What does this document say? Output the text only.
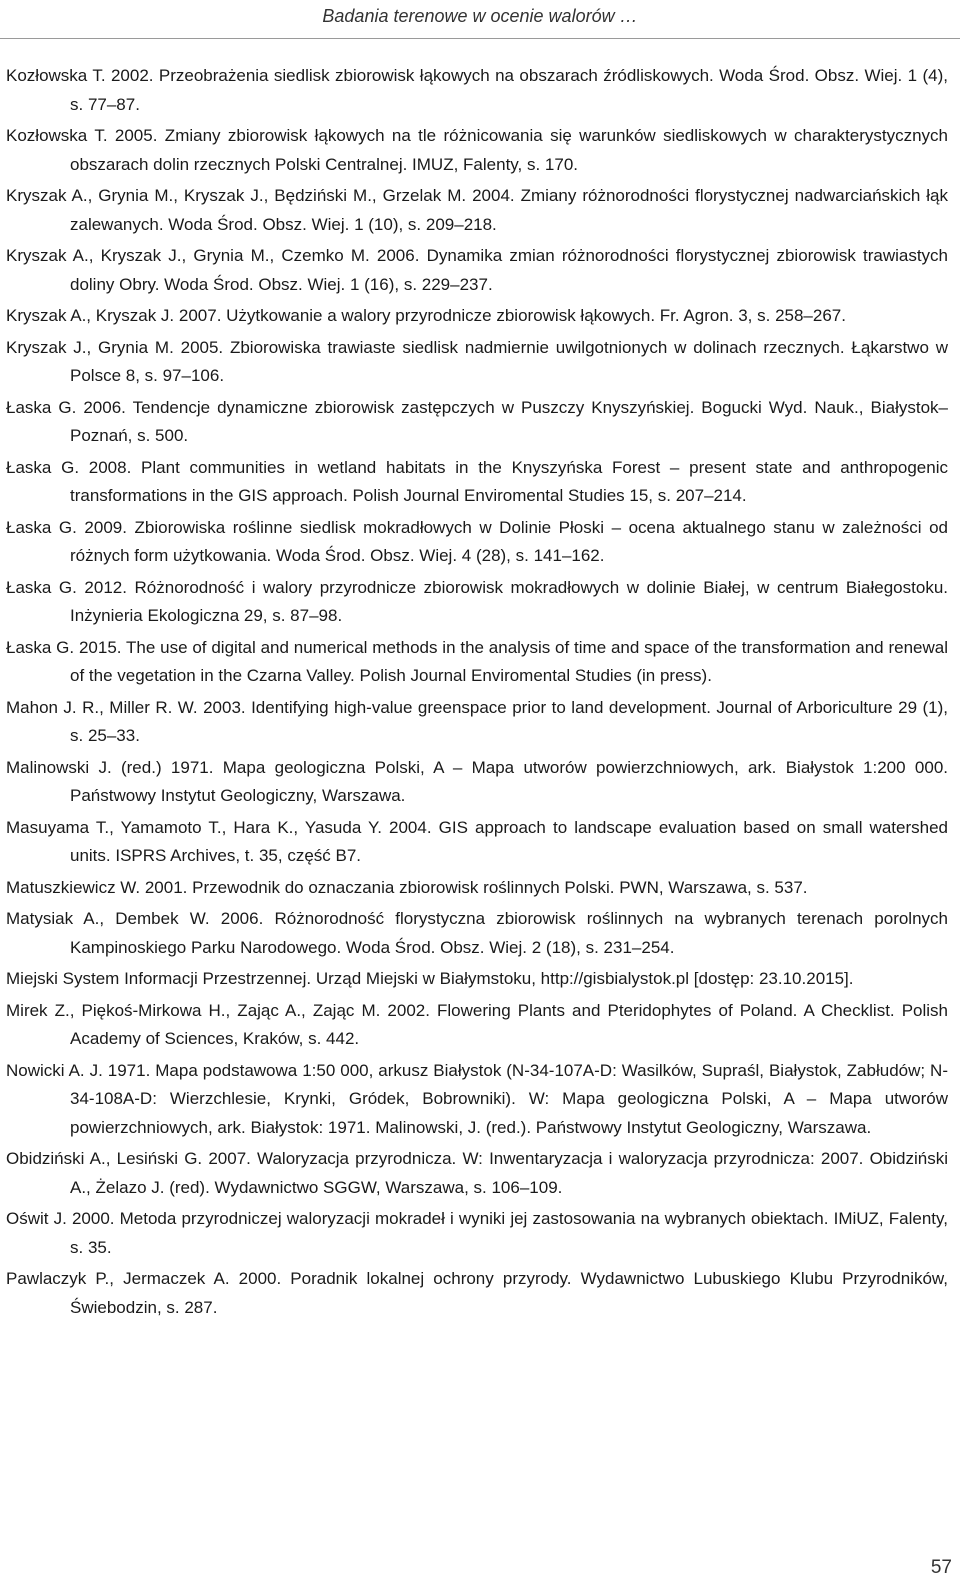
Badania terenowe w ocenie walorów …
Kozłowska T. 2002. Przeobrażenia siedlisk zbiorowisk łąkowych na obszarach źródliskowych. Woda Środ. Obsz. Wiej. 1 (4), s. 77–87.
Kozłowska T. 2005. Zmiany zbiorowisk łąkowych na tle różnicowania się warunków siedliskowych w charakterystycznych obszarach dolin rzecznych Polski Centralnej. IMUZ, Falenty, s. 170.
Kryszak A., Grynia M., Kryszak J., Będziński M., Grzelak M. 2004. Zmiany różnorodności florystycznej nadwarciańskich łąk zalewanych. Woda Środ. Obsz. Wiej. 1 (10), s. 209–218.
Kryszak A., Kryszak J., Grynia M., Czemko M. 2006. Dynamika zmian różnorodności florystycznej zbiorowisk trawiastych doliny Obry. Woda Środ. Obsz. Wiej. 1 (16), s. 229–237.
Kryszak A., Kryszak J. 2007. Użytkowanie a walory przyrodnicze zbiorowisk łąkowych. Fr. Agron. 3, s. 258–267.
Kryszak J., Grynia M. 2005. Zbiorowiska trawiaste siedlisk nadmiernie uwilgotnionych w dolinach rzecznych. Łąkarstwo w Polsce 8, s. 97–106.
Łaska G. 2006. Tendencje dynamiczne zbiorowisk zastępczych w Puszczy Knyszyńskiej. Bogucki Wyd. Nauk., Białystok–Poznań, s. 500.
Łaska G. 2008. Plant communities in wetland habitats in the Knyszyńska Forest – present state and anthropogenic transformations in the GIS approach. Polish Journal Enviromental Studies 15, s. 207–214.
Łaska G. 2009. Zbiorowiska roślinne siedlisk mokradłowych w Dolinie Płoski – ocena aktualnego stanu w zależności od różnych form użytkowania. Woda Środ. Obsz. Wiej. 4 (28), s. 141–162.
Łaska G. 2012. Różnorodność i walory przyrodnicze zbiorowisk mokradłowych w dolinie Białej, w centrum Białegostoku. Inżynieria Ekologiczna 29, s. 87–98.
Łaska G. 2015. The use of digital and numerical methods in the analysis of time and space of the transformation and renewal of the vegetation in the Czarna Valley. Polish Journal Enviromental Studies (in press).
Mahon J. R., Miller R. W. 2003. Identifying high-value greenspace prior to land development. Journal of Arboriculture 29 (1), s. 25–33.
Malinowski J. (red.) 1971. Mapa geologiczna Polski, A – Mapa utworów powierzchniowych, ark. Białystok 1:200 000. Państwowy Instytut Geologiczny, Warszawa.
Masuyama T., Yamamoto T., Hara K., Yasuda Y. 2004. GIS approach to landscape evaluation based on small watershed units. ISPRS Archives, t. 35, część B7.
Matuszkiewicz W. 2001. Przewodnik do oznaczania zbiorowisk roślinnych Polski. PWN, Warszawa, s. 537.
Matysiak A., Dembek W. 2006. Różnorodność florystyczna zbiorowisk roślinnych na wybranych terenach porolnych Kampinoskiego Parku Narodowego. Woda Środ. Obsz. Wiej. 2 (18), s. 231–254.
Miejski System Informacji Przestrzennej. Urząd Miejski w Białymstoku, http://gisbialystok.pl [dostęp: 23.10.2015].
Mirek Z., Piękoś-Mirkowa H., Zając A., Zając M. 2002. Flowering Plants and Pteridophytes of Poland. A Checklist. Polish Academy of Sciences, Kraków, s. 442.
Nowicki A. J. 1971. Mapa podstawowa 1:50 000, arkusz Białystok (N-34-107A-D: Wasilków, Supraśl, Białystok, Zabłudów; N-34-108A-D: Wierzchlesie, Krynki, Gródek, Bobrowniki). W: Mapa geologiczna Polski, A – Mapa utworów powierzchniowych, ark. Białystok: 1971. Malinowski, J. (red.). Państwowy Instytut Geologiczny, Warszawa.
Obidziński A., Lesiński G. 2007. Waloryzacja przyrodnicza. W: Inwentaryzacja i waloryzacja przyrodnicza: 2007. Obidziński A., Żelazo J. (red). Wydawnictwo SGGW, Warszawa, s. 106–109.
Oświt J. 2000. Metoda przyrodniczej waloryzacji mokradeł i wyniki jej zastosowania na wybranych obiektach. IMiUZ, Falenty, s. 35.
Pawlaczyk P., Jermaczek A. 2000. Poradnik lokalnej ochrony przyrody. Wydawnictwo Lubuskiego Klubu Przyrodników, Świebodzin, s. 287.
57
